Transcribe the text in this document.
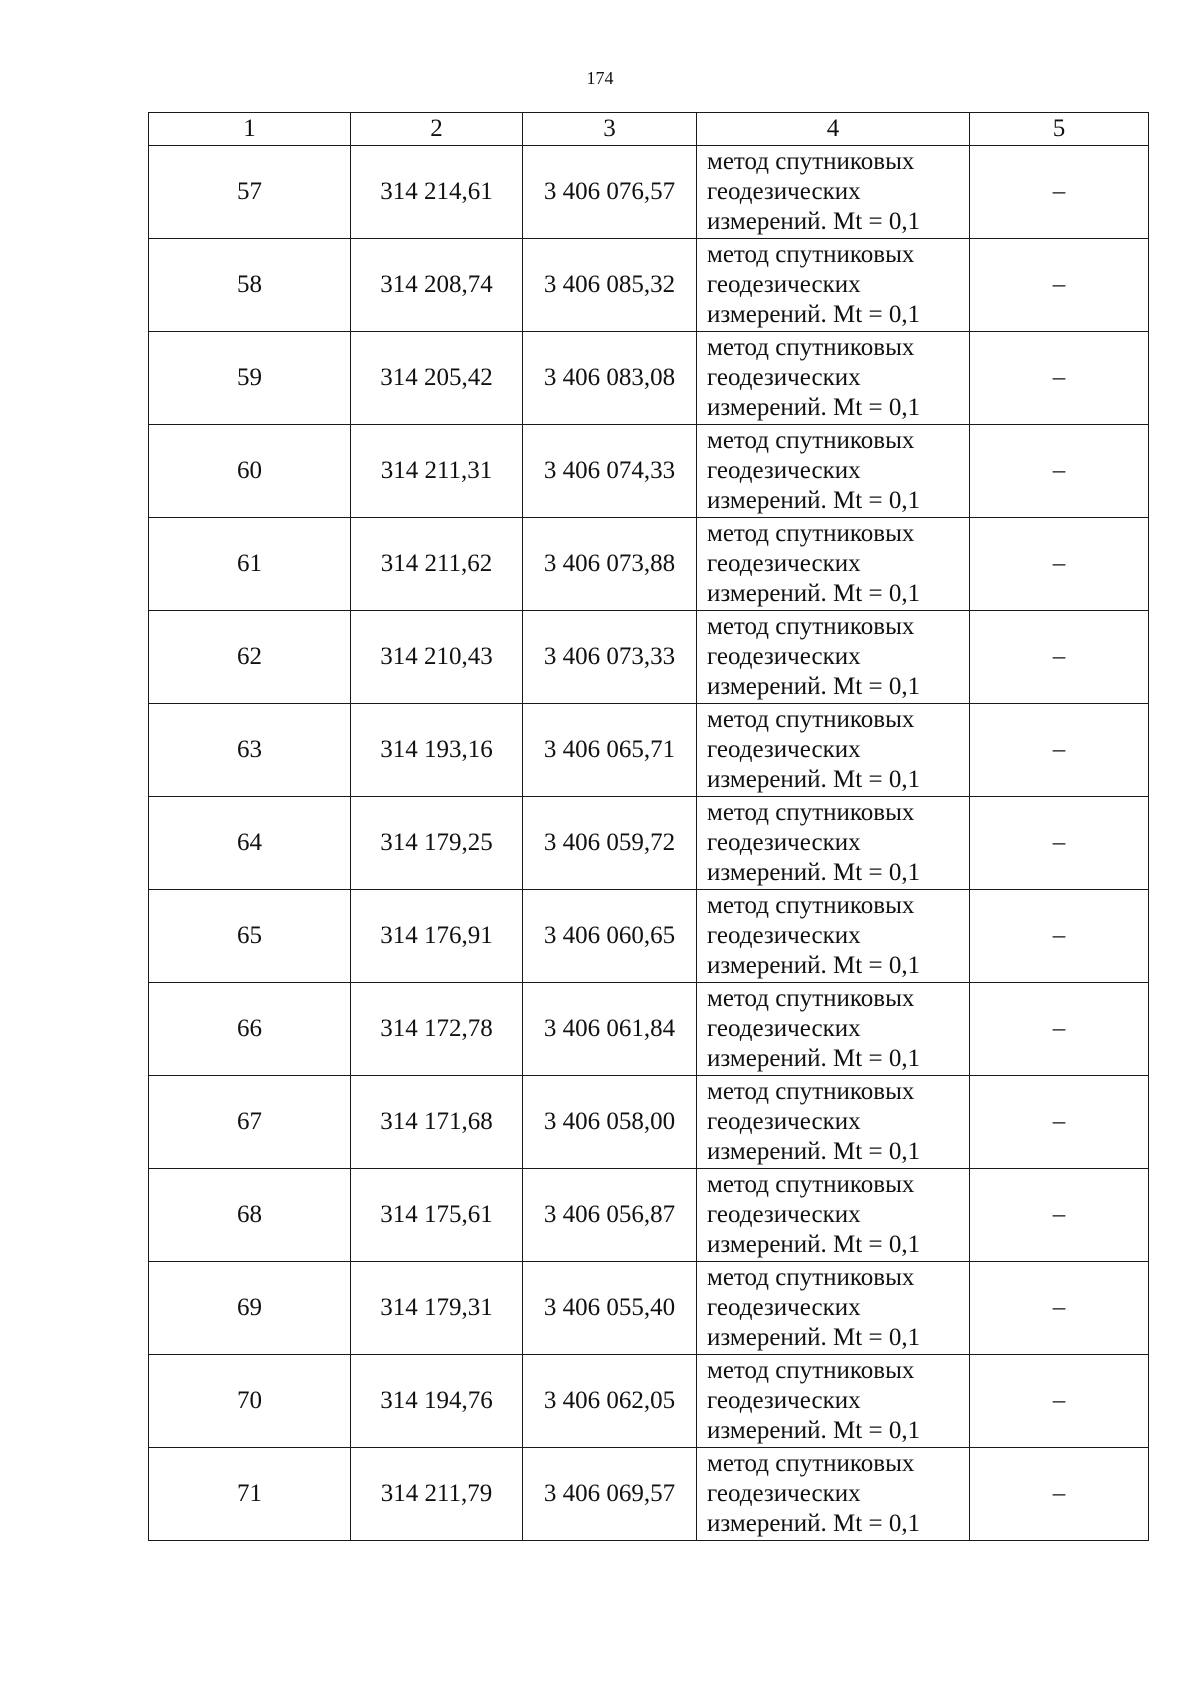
174
1	2	3	4	5
57	314 214,61	3 406 076,57	метод спутниковых
геодезических
измерений. Mt = 0,1	–
58	314 208,74	3 406 085,32	метод спутниковых
геодезических
измерений. Mt = 0,1	–
59	314 205,42	3 406 083,08	метод спутниковых
геодезических
измерений. Mt = 0,1	–
60	314 211,31	3 406 074,33	метод спутниковых
геодезических
измерений. Mt = 0,1	–
61	314 211,62	3 406 073,88	метод спутниковых
геодезических
измерений. Mt = 0,1	–
62	314 210,43	3 406 073,33	метод спутниковых
геодезических
измерений. Mt = 0,1	–
63	314 193,16	3 406 065,71	метод спутниковых
геодезических
измерений. Mt = 0,1	–
64	314 179,25	3 406 059,72	метод спутниковых
геодезических
измерений. Mt = 0,1	–
65	314 176,91	3 406 060,65	метод спутниковых
геодезических
измерений. Mt = 0,1	–
66	314 172,78	3 406 061,84	метод спутниковых
геодезических
измерений. Mt = 0,1	–
67	314 171,68	3 406 058,00	метод спутниковых
геодезических
измерений. Mt = 0,1	–
68	314 175,61	3 406 056,87	метод спутниковых
геодезических
измерений. Mt = 0,1	–
69	314 179,31	3 406 055,40	метод спутниковых
геодезических
измерений. Mt = 0,1	–
70	314 194,76	3 406 062,05	метод спутниковых
геодезических
измерений. Mt = 0,1	–
71	314 211,79	3 406 069,57	метод спутниковых
геодезических
измерений. Mt = 0,1	–
